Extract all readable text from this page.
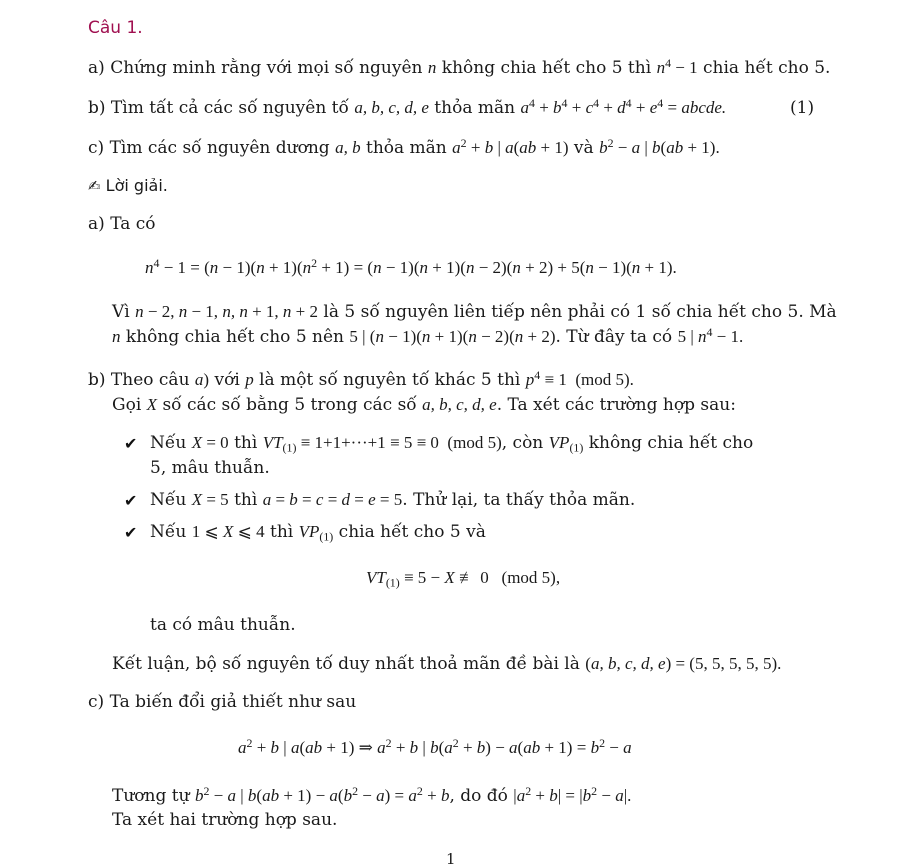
Câu 1.
a) Chứng minh rằng với mọi số nguyên n không chia hết cho 5 thì $n^4 - 1$ chia hết cho 5.
b) Tìm tất cả các số nguyên tố a, b, c, d, e thỏa mãn $a^4 + b^4 + c^4 + d^4 + e^4$ = abcde.	(1)
c) Tìm các số nguyên dương a, b thỏa mãn $a^2 + b$ | a(ab + 1) và $b^2 - a$ | b(ab + 1).
✍ Lời giải.
a) Ta có
$n^4 - 1 = (n - 1)(n + 1)(n^2 + 1) = (n - 1)(n + 1)(n - 2)(n + 2) + 5(n - 1)(n + 1)$.
Vì n − 2, n − 1, n, n + 1, n + 2 là 5 số nguyên liên tiếp nên phải có 1 số chia hết cho 5. Mà
n không chia hết cho 5 nên 5 | (n − 1)(n + 1)(n − 2)(n + 2). Từ đây ta có 5 | $n^4 - 1$.
b) Theo câu a) với p là một số nguyên tố khác 5 thì $p^4 \equiv 1$  (mod 5).
Gọi X số các số bằng 5 trong các số a, b, c, d, e. Ta xét các trường hợp sau:
✔ Nếu X = 0 thì $VT_{(1)} \equiv 1+1+\cdot\cdot\cdot+1 \equiv 5 \equiv 0$  (mod 5), còn $VP_{(1)}$ không chia hết cho
5, mâu thuẫn.
✔ Nếu X = 5 thì a = b = c = d = e = 5. Thử lại, ta thấy thỏa mãn.
✔ Nếu 1 ⩽ X ⩽ 4 thì $VP_{(1)}$ chia hết cho 5 và
$VT_{(1)} \equiv 5 - X$ ≢ 0   (mod 5),
ta có mâu thuẫn.
Kết luận, bộ số nguyên tố duy nhất thoả mãn đề bài là (a, b, c, d, e) = (5, 5, 5, 5, 5).
c) Ta biến đổi giả thiết như sau
$a^2 + b$ | a(ab + 1) ⇒ $a^2 + b$ | $b(a^2 + b) - a(ab + 1) = b^2 - a$
Tương tự $b^2 - a$ | $b(ab + 1) - a(b^2 - a) = a^2 + b$, do đó $|a^2 + b| = |b^2 - a|$.
Ta xét hai trường hợp sau.
1
